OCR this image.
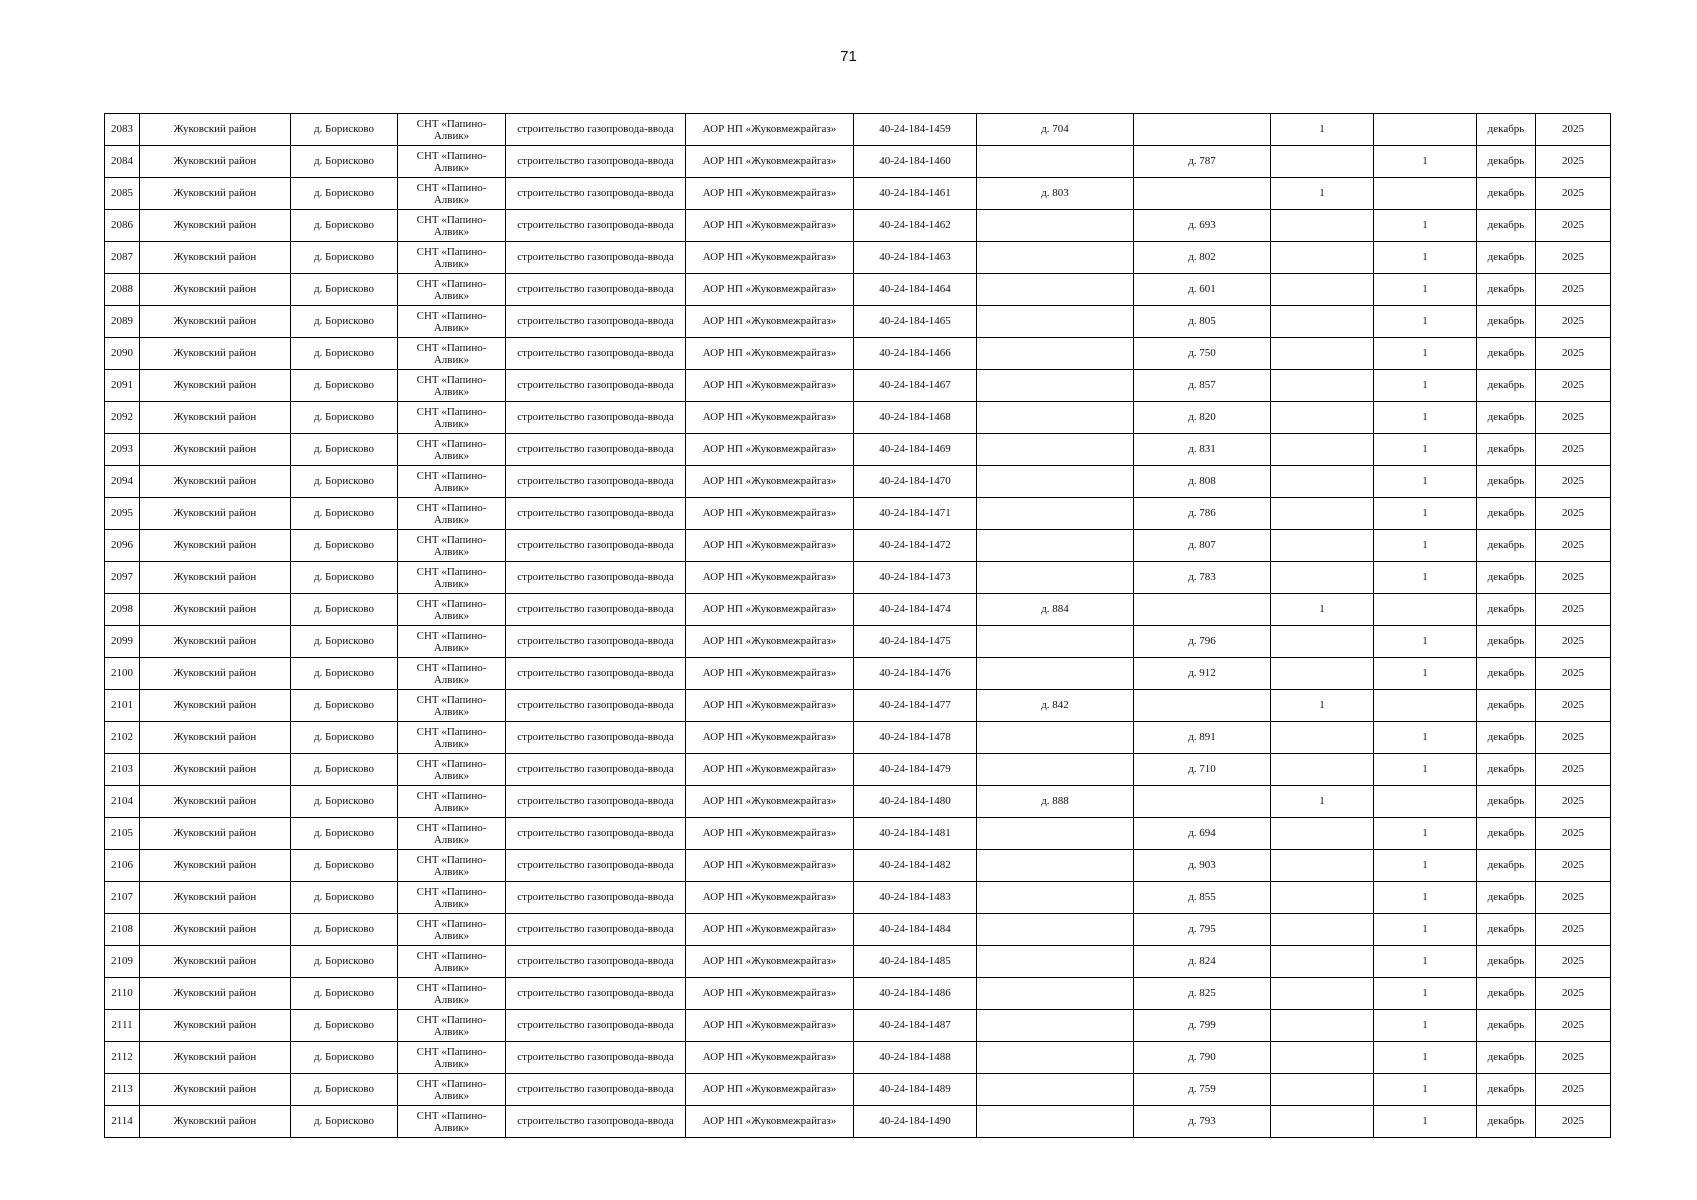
71
2083	Жуковский район	д. Борисково	СНТ «Папино-Алвик»	строительство газопровода-ввода	АОР НП «Жуковмежрайгаз»	40-24-184-1459	д. 704		1		декабрь	2025
2084	Жуковский район	д. Борисково	СНТ «Папино-Алвик»	строительство газопровода-ввода	АОР НП «Жуковмежрайгаз»	40-24-184-1460		д. 787		1	декабрь	2025
2085	Жуковский район	д. Борисково	СНТ «Папино-Алвик»	строительство газопровода-ввода	АОР НП «Жуковмежрайгаз»	40-24-184-1461	д. 803		1		декабрь	2025
2086	Жуковский район	д. Борисково	СНТ «Папино-Алвик»	строительство газопровода-ввода	АОР НП «Жуковмежрайгаз»	40-24-184-1462		д. 693		1	декабрь	2025
2087	Жуковский район	д. Борисково	СНТ «Папино-Алвик»	строительство газопровода-ввода	АОР НП «Жуковмежрайгаз»	40-24-184-1463		д. 802		1	декабрь	2025
2088	Жуковский район	д. Борисково	СНТ «Папино-Алвик»	строительство газопровода-ввода	АОР НП «Жуковмежрайгаз»	40-24-184-1464		д. 601		1	декабрь	2025
2089	Жуковский район	д. Борисково	СНТ «Папино-Алвик»	строительство газопровода-ввода	АОР НП «Жуковмежрайгаз»	40-24-184-1465		д. 805		1	декабрь	2025
2090	Жуковский район	д. Борисково	СНТ «Папино-Алвик»	строительство газопровода-ввода	АОР НП «Жуковмежрайгаз»	40-24-184-1466		д. 750		1	декабрь	2025
2091	Жуковский район	д. Борисково	СНТ «Папино-Алвик»	строительство газопровода-ввода	АОР НП «Жуковмежрайгаз»	40-24-184-1467		д. 857		1	декабрь	2025
2092	Жуковский район	д. Борисково	СНТ «Папино-Алвик»	строительство газопровода-ввода	АОР НП «Жуковмежрайгаз»	40-24-184-1468		д. 820		1	декабрь	2025
2093	Жуковский район	д. Борисково	СНТ «Папино-Алвик»	строительство газопровода-ввода	АОР НП «Жуковмежрайгаз»	40-24-184-1469		д. 831		1	декабрь	2025
2094	Жуковский район	д. Борисково	СНТ «Папино-Алвик»	строительство газопровода-ввода	АОР НП «Жуковмежрайгаз»	40-24-184-1470		д. 808		1	декабрь	2025
2095	Жуковский район	д. Борисково	СНТ «Папино-Алвик»	строительство газопровода-ввода	АОР НП «Жуковмежрайгаз»	40-24-184-1471		д. 786		1	декабрь	2025
2096	Жуковский район	д. Борисково	СНТ «Папино-Алвик»	строительство газопровода-ввода	АОР НП «Жуковмежрайгаз»	40-24-184-1472		д. 807		1	декабрь	2025
2097	Жуковский район	д. Борисково	СНТ «Папино-Алвик»	строительство газопровода-ввода	АОР НП «Жуковмежрайгаз»	40-24-184-1473		д. 783		1	декабрь	2025
2098	Жуковский район	д. Борисково	СНТ «Папино-Алвик»	строительство газопровода-ввода	АОР НП «Жуковмежрайгаз»	40-24-184-1474	д. 884		1		декабрь	2025
2099	Жуковский район	д. Борисково	СНТ «Папино-Алвик»	строительство газопровода-ввода	АОР НП «Жуковмежрайгаз»	40-24-184-1475		д. 796		1	декабрь	2025
2100	Жуковский район	д. Борисково	СНТ «Папино-Алвик»	строительство газопровода-ввода	АОР НП «Жуковмежрайгаз»	40-24-184-1476		д. 912		1	декабрь	2025
2101	Жуковский район	д. Борисково	СНТ «Папино-Алвик»	строительство газопровода-ввода	АОР НП «Жуковмежрайгаз»	40-24-184-1477	д. 842		1		декабрь	2025
2102	Жуковский район	д. Борисково	СНТ «Папино-Алвик»	строительство газопровода-ввода	АОР НП «Жуковмежрайгаз»	40-24-184-1478		д. 891		1	декабрь	2025
2103	Жуковский район	д. Борисково	СНТ «Папино-Алвик»	строительство газопровода-ввода	АОР НП «Жуковмежрайгаз»	40-24-184-1479		д. 710		1	декабрь	2025
2104	Жуковский район	д. Борисково	СНТ «Папино-Алвик»	строительство газопровода-ввода	АОР НП «Жуковмежрайгаз»	40-24-184-1480	д. 888		1		декабрь	2025
2105	Жуковский район	д. Борисково	СНТ «Папино-Алвик»	строительство газопровода-ввода	АОР НП «Жуковмежрайгаз»	40-24-184-1481		д. 694		1	декабрь	2025
2106	Жуковский район	д. Борисково	СНТ «Папино-Алвик»	строительство газопровода-ввода	АОР НП «Жуковмежрайгаз»	40-24-184-1482		д. 903		1	декабрь	2025
2107	Жуковский район	д. Борисково	СНТ «Папино-Алвик»	строительство газопровода-ввода	АОР НП «Жуковмежрайгаз»	40-24-184-1483		д. 855		1	декабрь	2025
2108	Жуковский район	д. Борисково	СНТ «Папино-Алвик»	строительство газопровода-ввода	АОР НП «Жуковмежрайгаз»	40-24-184-1484		д. 795		1	декабрь	2025
2109	Жуковский район	д. Борисково	СНТ «Папино-Алвик»	строительство газопровода-ввода	АОР НП «Жуковмежрайгаз»	40-24-184-1485		д. 824		1	декабрь	2025
2110	Жуковский район	д. Борисково	СНТ «Папино-Алвик»	строительство газопровода-ввода	АОР НП «Жуковмежрайгаз»	40-24-184-1486		д. 825		1	декабрь	2025
2111	Жуковский район	д. Борисково	СНТ «Папино-Алвик»	строительство газопровода-ввода	АОР НП «Жуковмежрайгаз»	40-24-184-1487		д. 799		1	декабрь	2025
2112	Жуковский район	д. Борисково	СНТ «Папино-Алвик»	строительство газопровода-ввода	АОР НП «Жуковмежрайгаз»	40-24-184-1488		д. 790		1	декабрь	2025
2113	Жуковский район	д. Борисково	СНТ «Папино-Алвик»	строительство газопровода-ввода	АОР НП «Жуковмежрайгаз»	40-24-184-1489		д. 759		1	декабрь	2025
2114	Жуковский район	д. Борисково	СНТ «Папино-Алвик»	строительство газопровода-ввода	АОР НП «Жуковмежрайгаз»	40-24-184-1490		д. 793		1	декабрь	2025
